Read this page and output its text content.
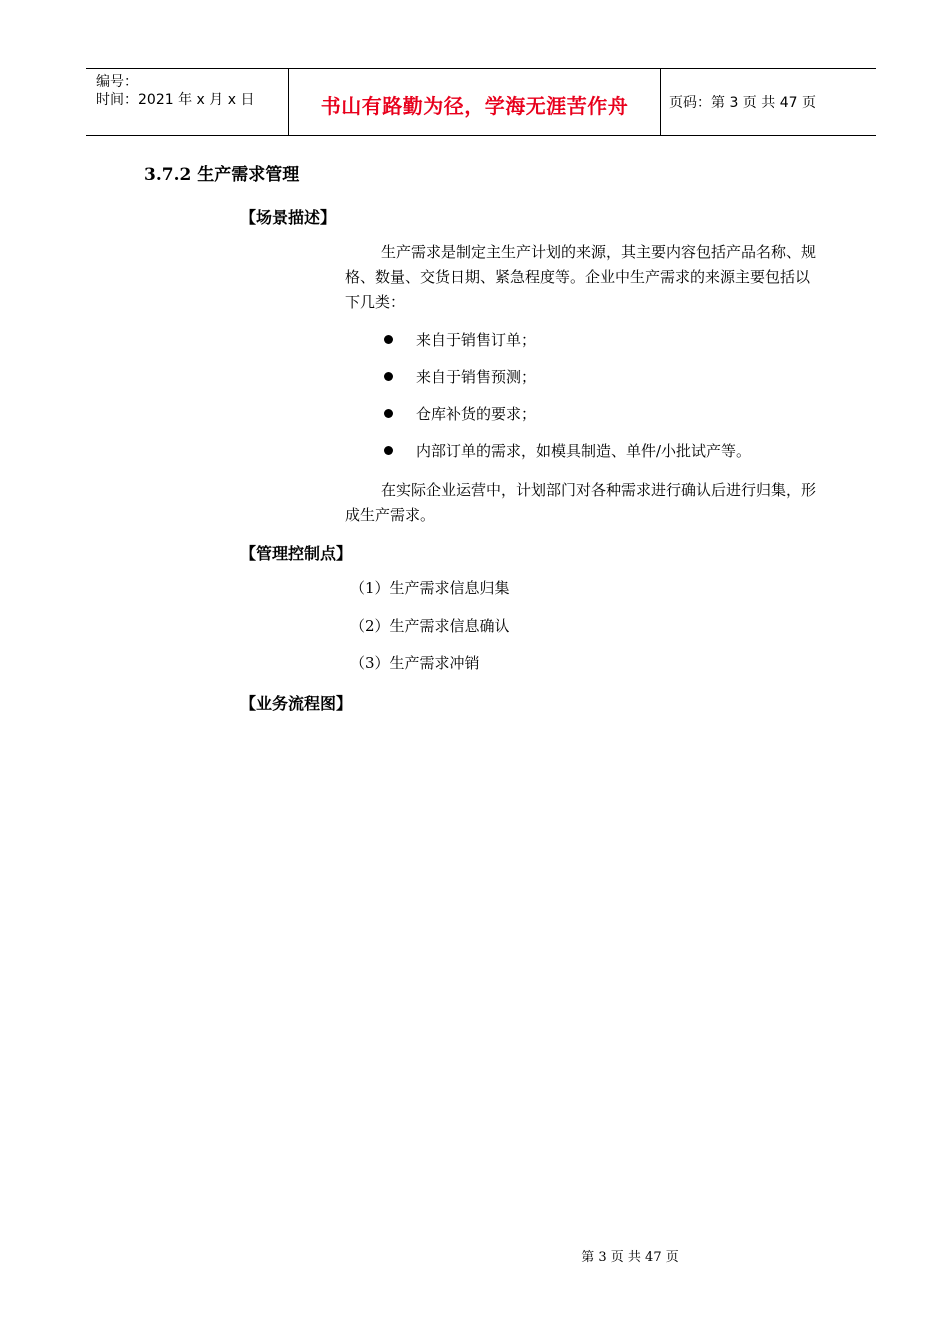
编号：
时间：2021 年 x 月 x 日	书山有路勤为径，学海无涯苦作舟	页码：第 3 页 共 47 页
3.7.2 生产需求管理
【场景描述】

生产需求是制定主生产计划的来源，其主要内容包括产品名称、规格、数量、交货日期、紧急程度等。企业中生产需求的来源主要包括以下几类：

来自于销售订单；
来自于销售预测；
仓库补货的要求；
内部订单的需求，如模具制造、单件/小批试产等。

在实际企业运营中，计划部门对各种需求进行确认后进行归集，形成生产需求。

【管理控制点】
（1）生产需求信息归集
（2）生产需求信息确认
（3）生产需求冲销
【业务流程图】
第 3 页 共 47 页
